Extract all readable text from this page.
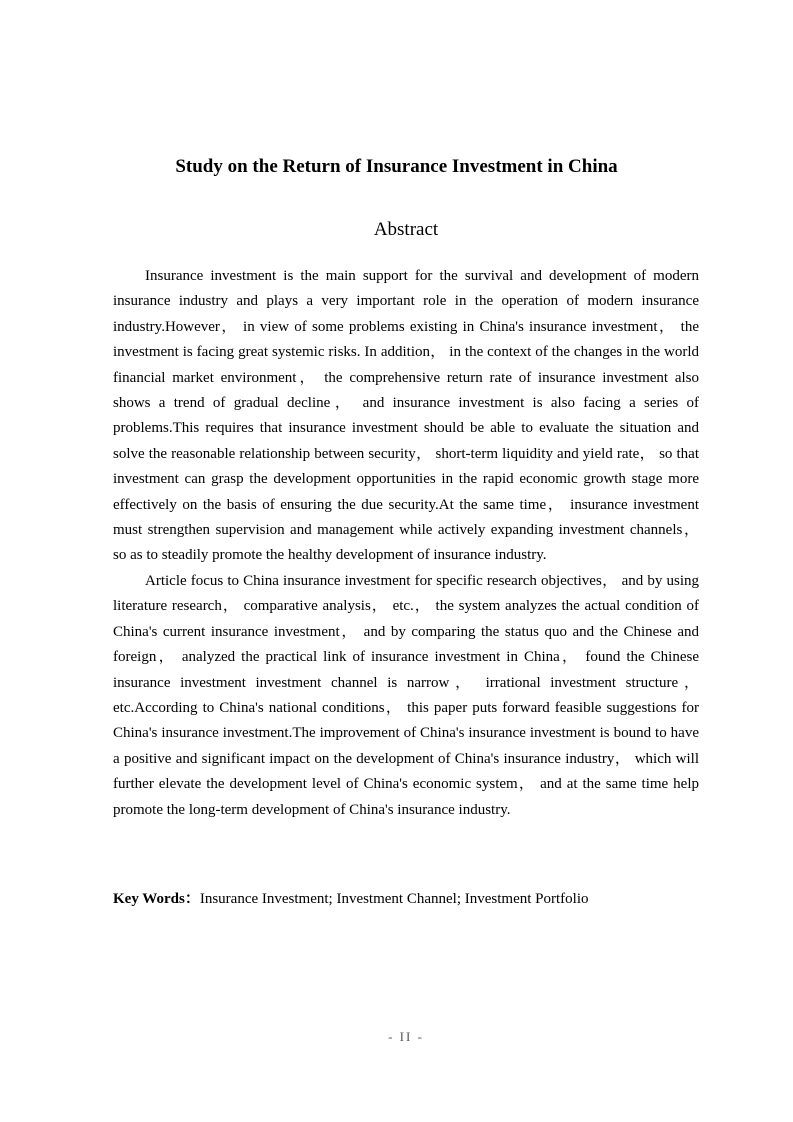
Study on the Return of Insurance Investment in China
Abstract

Insurance investment is the main support for the survival and development of modern insurance industry and plays a very important role in the operation of modern insurance industry.However， in view of some problems existing in China's insurance investment， the investment is facing great systemic risks. In addition， in the context of the changes in the world financial market environment， the comprehensive return rate of insurance investment also shows a trend of gradual decline， and insurance investment is also facing a series of problems.This requires that insurance investment should be able to evaluate the situation and solve the reasonable relationship between security， short-term liquidity and yield rate， so that investment can grasp the development opportunities in the rapid economic growth stage more effectively on the basis of ensuring the due security.At the same time， insurance investment must strengthen supervision and management while actively expanding investment channels， so as to steadily promote the healthy development of insurance industry.

Article focus to China insurance investment for specific research objectives， and by using literature research， comparative analysis， etc.， the system analyzes the actual condition of China's current insurance investment， and by comparing the status quo and the Chinese and foreign， analyzed the practical link of insurance investment in China， found the Chinese insurance investment investment channel is narrow， irrational investment structure， etc.According to China's national conditions， this paper puts forward feasible suggestions for China's insurance investment.The improvement of China's insurance investment is bound to have a positive and significant impact on the development of China's insurance industry， which will further elevate the development level of China's economic system， and at the same time help promote the long-term development of China's insurance industry.

Key Words：Insurance Investment; Investment Channel; Investment Portfolio
- II -
